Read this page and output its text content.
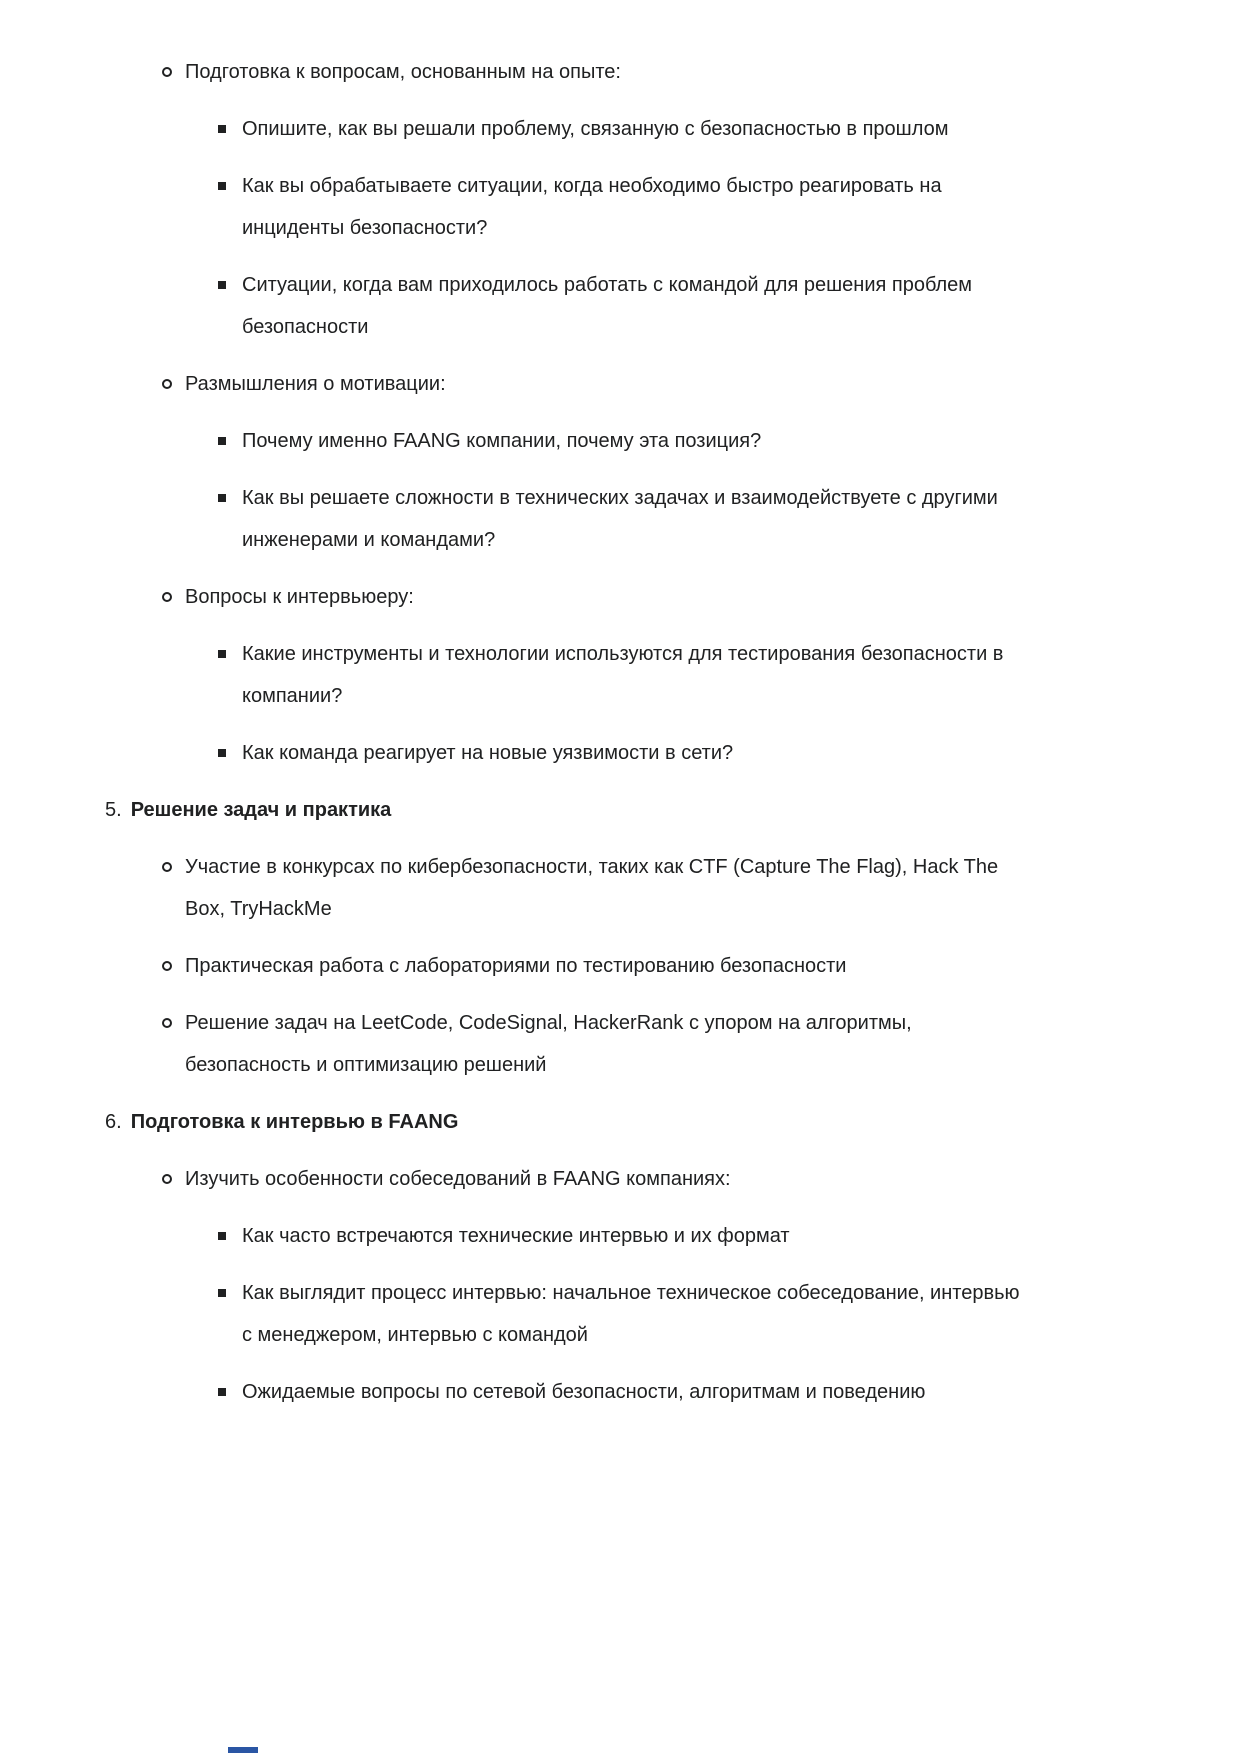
Подготовка к вопросам, основанным на опыте:
Опишите, как вы решали проблему, связанную с безопасностью в прошлом
Как вы обрабатываете ситуации, когда необходимо быстро реагировать на инциденты безопасности?
Ситуации, когда вам приходилось работать с командой для решения проблем безопасности
Размышления о мотивации:
Почему именно FAANG компании, почему эта позиция?
Как вы решаете сложности в технических задачах и взаимодействуете с другими инженерами и командами?
Вопросы к интервьюеру:
Какие инструменты и технологии используются для тестирования безопасности в компании?
Как команда реагирует на новые уязвимости в сети?
5. Решение задач и практика
Участие в конкурсах по кибербезопасности, таких как CTF (Capture The Flag), Hack The Box, TryHackMe
Практическая работа с лабораториями по тестированию безопасности
Решение задач на LeetCode, CodeSignal, HackerRank с упором на алгоритмы, безопасность и оптимизацию решений
6. Подготовка к интервью в FAANG
Изучить особенности собеседований в FAANG компаниях:
Как часто встречаются технические интервью и их формат
Как выглядит процесс интервью: начальное техническое собеседование, интервью с менеджером, интервью с командой
Ожидаемые вопросы по сетевой безопасности, алгоритмам и поведению
